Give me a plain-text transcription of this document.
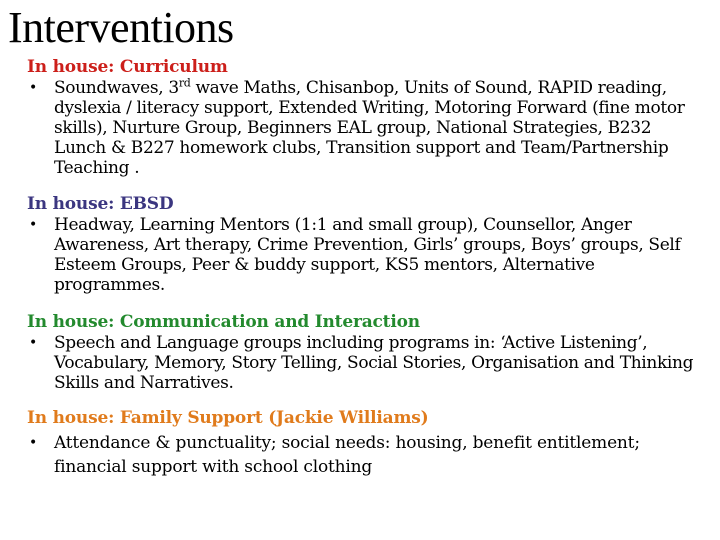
Interventions
In house: Curriculum
• Soundwaves, 3rd wave Maths, Chisanbop, Units of Sound, RAPID reading, dyslexia / literacy support, Extended Writing, Motoring Forward (fine motor skills), Nurture Group, Beginners EAL group, National Strategies, B232 Lunch & B227 homework clubs, Transition support and Team/Partnership Teaching .
In house: EBSD
• Headway, Learning Mentors (1:1 and small group), Counsellor, Anger Awareness, Art therapy, Crime Prevention, Girls’ groups, Boys’ groups, Self Esteem Groups, Peer & buddy support, KS5 mentors, Alternative programmes.
In house: Communication and Interaction
• Speech and Language groups including programs in: ‘Active Listening’, Vocabulary, Memory, Story Telling, Social Stories, Organisation and Thinking Skills and Narratives.
In house: Family Support (Jackie Williams)
• Attendance & punctuality; social needs: housing, benefit entitlement; financial support with school clothing
